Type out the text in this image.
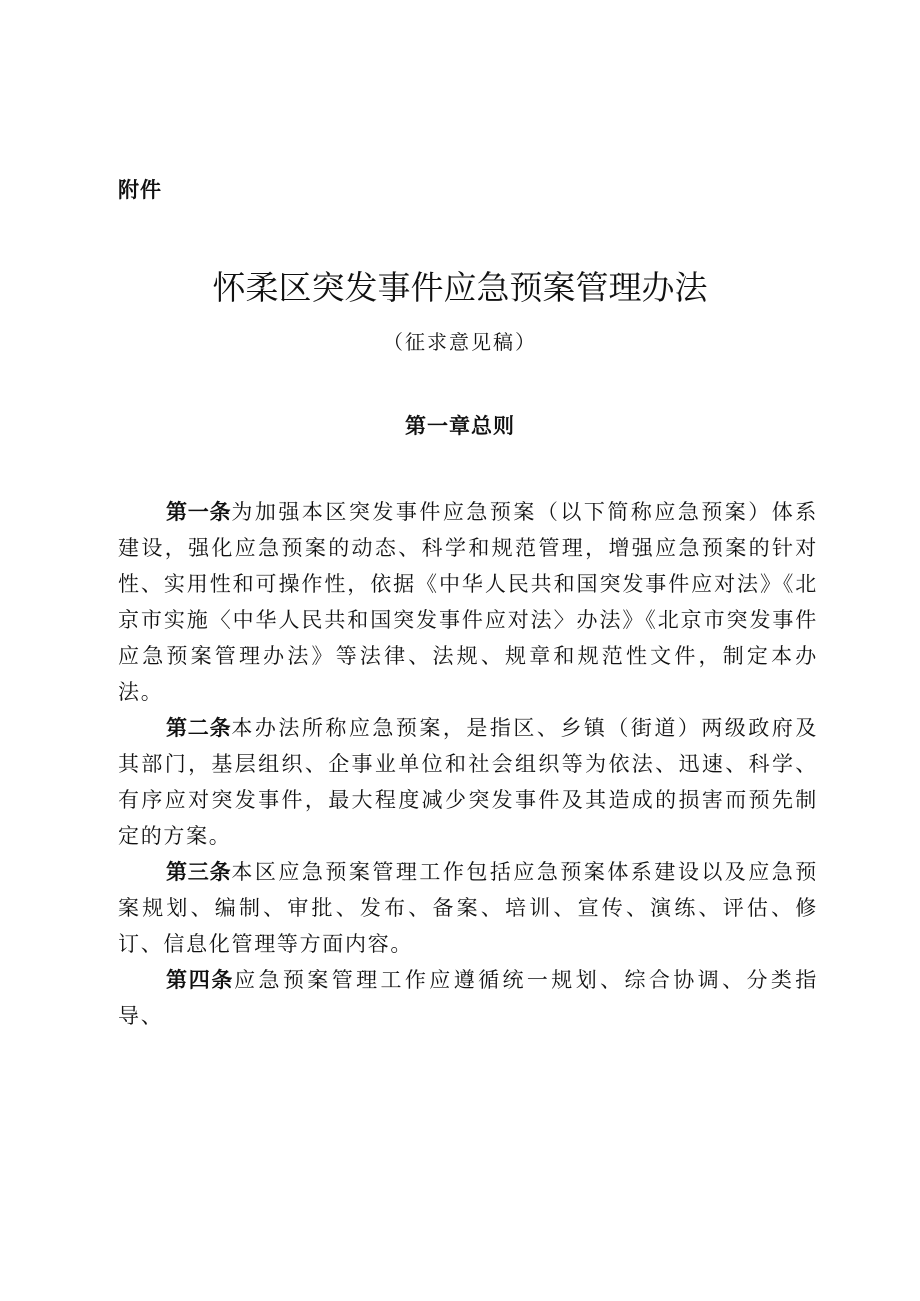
附件
怀柔区突发事件应急预案管理办法
（征求意见稿）
第一章总则

第一条为加强本区突发事件应急预案（以下简称应急预案）体系建设，强化应急预案的动态、科学和规范管理，增强应急预案的针对性、实用性和可操作性，依据《中华人民共和国突发事件应对法》《北京市实施〈中华人民共和国突发事件应对法〉办法》《北京市突发事件应急预案管理办法》等法律、法规、规章和规范性文件，制定本办法。

第二条本办法所称应急预案，是指区、乡镇（街道）两级政府及其部门，基层组织、企事业单位和社会组织等为依法、迅速、科学、有序应对突发事件，最大程度减少突发事件及其造成的损害而预先制定的方案。

第三条本区应急预案管理工作包括应急预案体系建设以及应急预案规划、编制、审批、发布、备案、培训、宣传、演练、评估、修订、信息化管理等方面内容。

第四条应急预案管理工作应遵循统一规划、综合协调、分类指导、
